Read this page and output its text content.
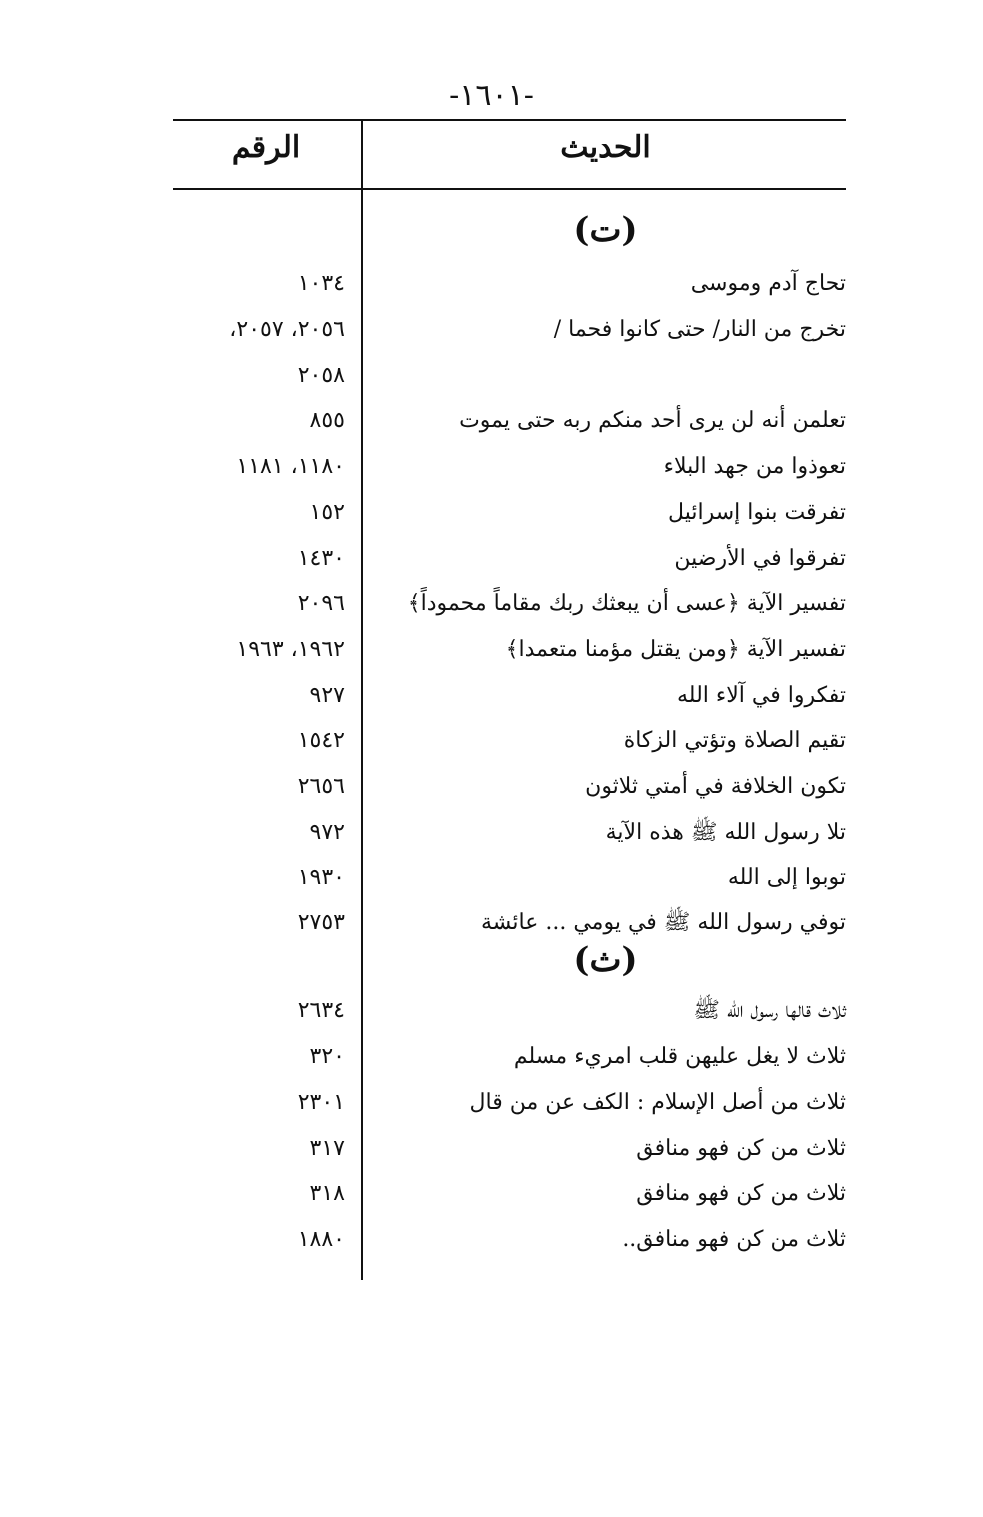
-١٦٠١-
الحديث
الرقم
(ت)
تحاج آدم وموسى
١٠٣٤
تخرج من النار/ حتى كانوا فحما /
٢٠٥٦، ٢٠٥٧،
٢٠٥٨
تعلمن أنه لن يرى أحد منكم ربه حتى يموت
٨٥٥
تعوذوا من جهد البلاء
١١٨٠، ١١٨١
تفرقت بنوا إسرائيل
١٥٢
تفرقوا في الأرضين
١٤٣٠
تفسير الآية ﴿عسى أن يبعثك ربك مقاماً محموداً﴾
٢٠٩٦
تفسير الآية ﴿ومن يقتل مؤمنا متعمدا﴾
١٩٦٢، ١٩٦٣
تفكروا في آلاء الله
٩٢٧
تقيم الصلاة وتؤتي الزكاة
١٥٤٢
تكون الخلافة في أمتي ثلاثون
٢٦٥٦
تلا رسول الله ﷺ هذه الآية
٩٧٢
توبوا إلى الله
١٩٣٠
توفي رسول الله ﷺ في يومي ... عائشة
٢٧٥٣
(ث)
ثلاث قالها رسول الله ﷺ
٢٦٣٤
ثلاث لا يغل عليهن قلب امريء مسلم
٣٢٠
ثلاث من أصل الإسلام : الكف عن من قال
٢٣٠١
ثلاث من كن فهو منافق
٣١٧
ثلاث من كن فهو منافق
٣١٨
ثلاث من كن فهو منافق..
١٨٨٠
